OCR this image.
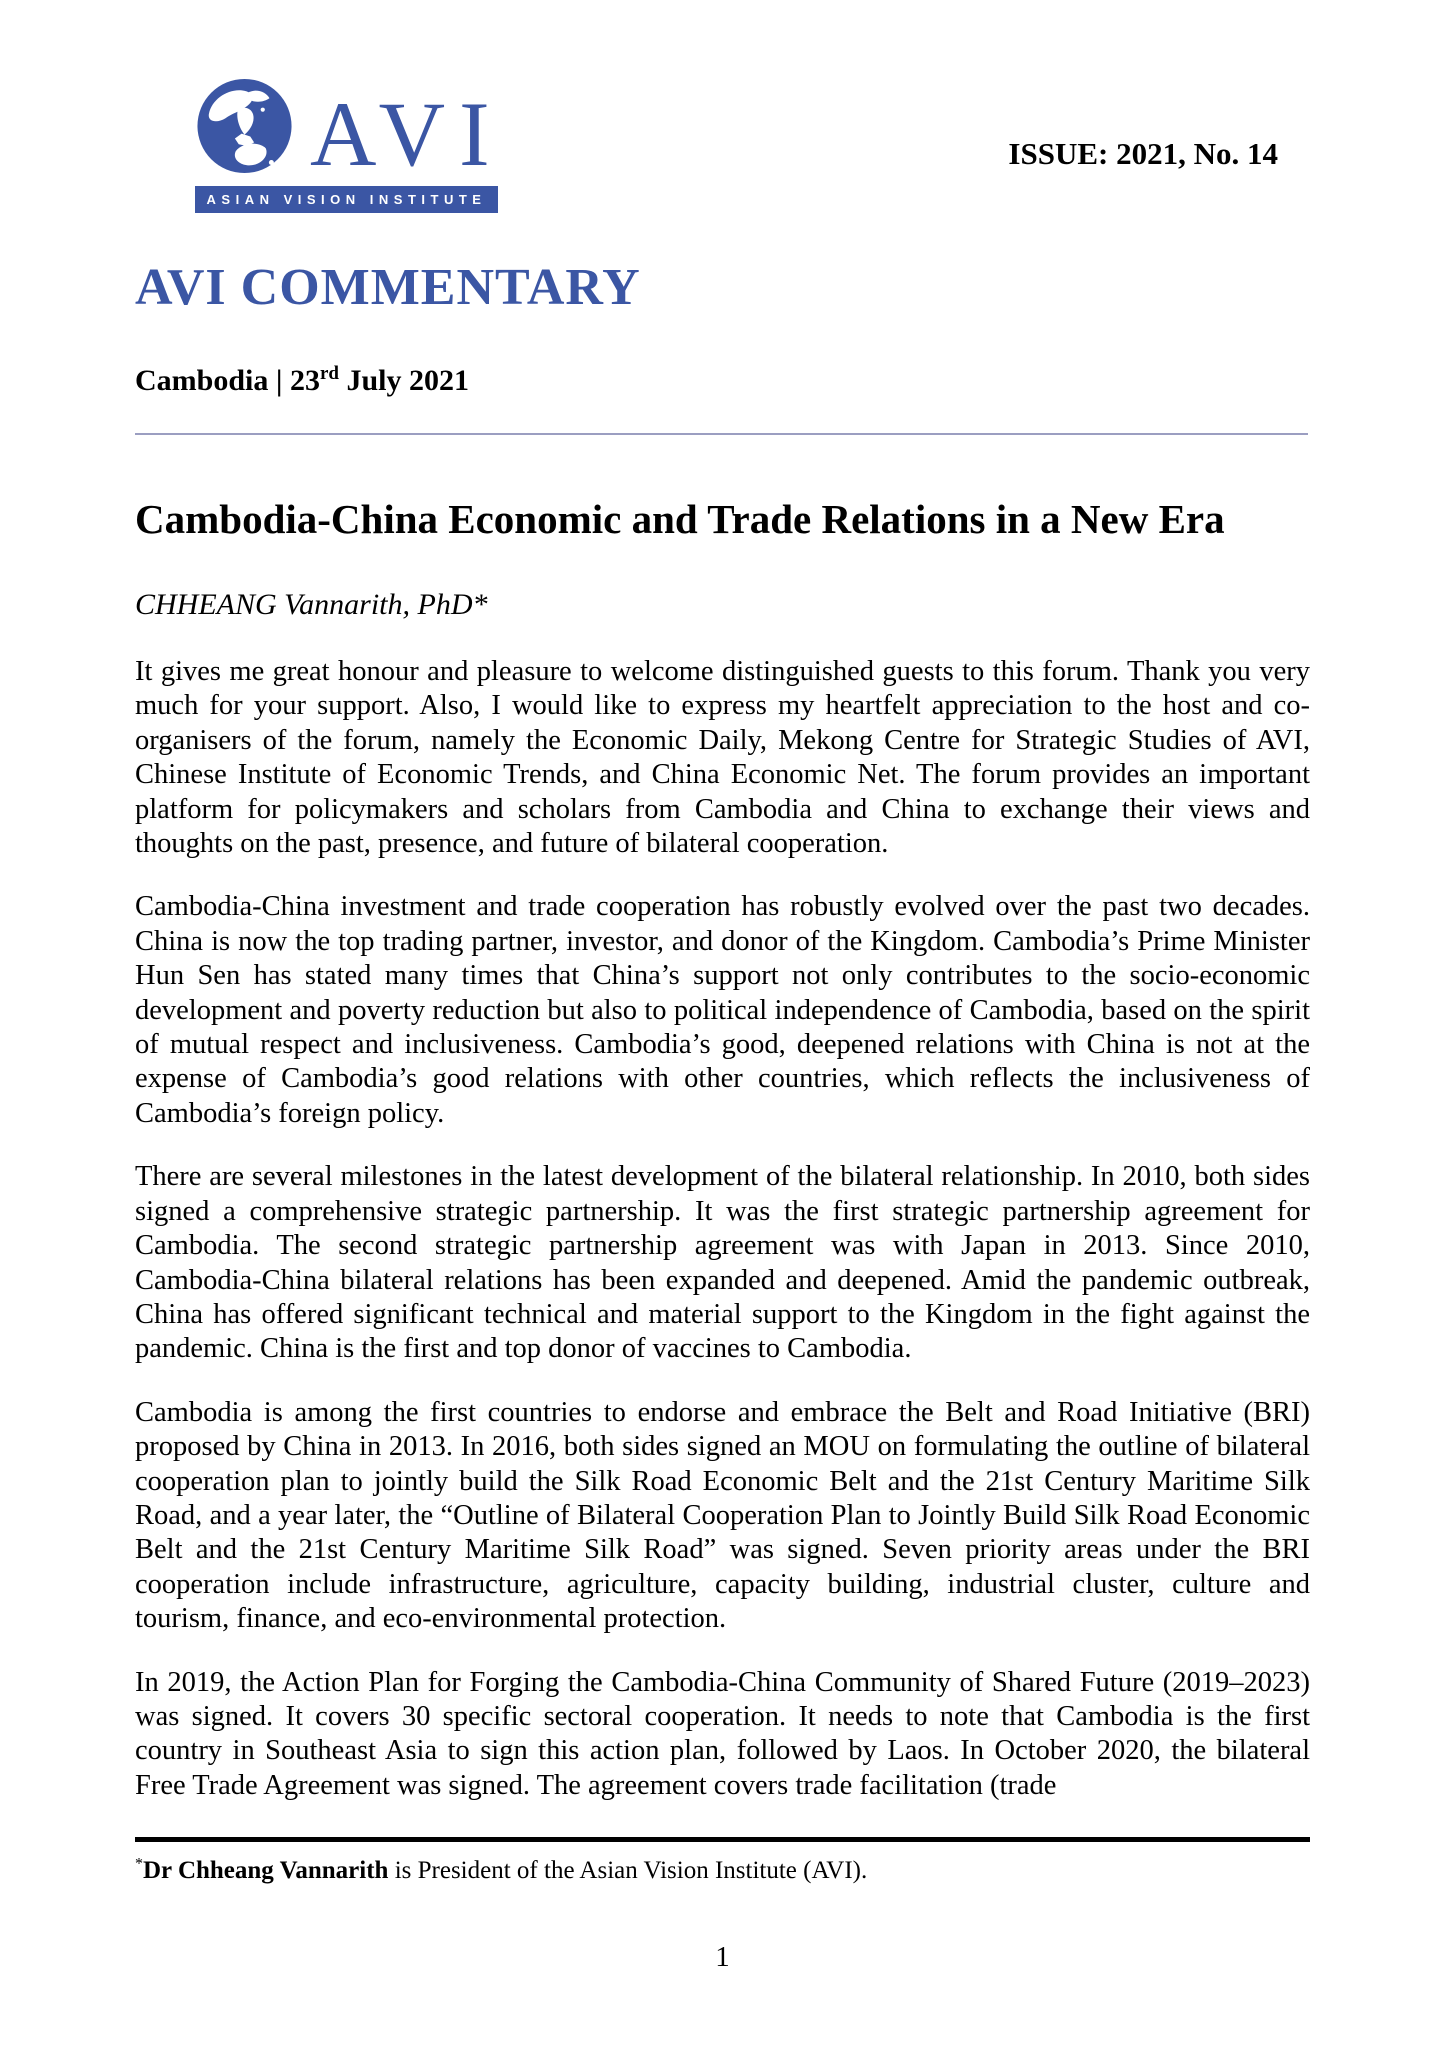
AVI
ASIAN VISION INSTITUTE
ISSUE: 2021, No. 14
AVI COMMENTARY
Cambodia | 23rd July 2021
Cambodia-China Economic and Trade Relations in a New Era
CHHEANG Vannarith, PhD*

It gives me great honour and pleasure to welcome distinguished guests to this forum. Thank you very much for your support. Also, I would like to express my heartfelt appreciation to the host and co-organisers of the forum, namely the Economic Daily, Mekong Centre for Strategic Studies of AVI, Chinese Institute of Economic Trends, and China Economic Net. The forum provides an important platform for policymakers and scholars from Cambodia and China to exchange their views and thoughts on the past, presence, and future of bilateral cooperation.

Cambodia-China investment and trade cooperation has robustly evolved over the past two decades. China is now the top trading partner, investor, and donor of the Kingdom. Cambodia’s Prime Minister Hun Sen has stated many times that China’s support not only contributes to the socio-economic development and poverty reduction but also to political independence of Cambodia, based on the spirit of mutual respect and inclusiveness. Cambodia’s good, deepened relations with China is not at the expense of Cambodia’s good relations with other countries, which reflects the inclusiveness of Cambodia’s foreign policy.

There are several milestones in the latest development of the bilateral relationship. In 2010, both sides signed a comprehensive strategic partnership. It was the first strategic partnership agreement for Cambodia. The second strategic partnership agreement was with Japan in 2013. Since 2010, Cambodia-China bilateral relations has been expanded and deepened. Amid the pandemic outbreak, China has offered significant technical and material support to the Kingdom in the fight against the pandemic. China is the first and top donor of vaccines to Cambodia.

Cambodia is among the first countries to endorse and embrace the Belt and Road Initiative (BRI) proposed by China in 2013. In 2016, both sides signed an MOU on formulating the outline of bilateral cooperation plan to jointly build the Silk Road Economic Belt and the 21st Century Maritime Silk Road, and a year later, the “Outline of Bilateral Cooperation Plan to Jointly Build Silk Road Economic Belt and the 21st Century Maritime Silk Road” was signed. Seven priority areas under the BRI cooperation include infrastructure, agriculture, capacity building, industrial cluster, culture and tourism, finance, and eco-environmental protection.

In 2019, the Action Plan for Forging the Cambodia-China Community of Shared Future (2019–2023) was signed. It covers 30 specific sectoral cooperation. It needs to note that Cambodia is the first country in Southeast Asia to sign this action plan, followed by Laos. In October 2020, the bilateral Free Trade Agreement was signed. The agreement covers trade facilitation (trade

*Dr Chheang Vannarith is President of the Asian Vision Institute (AVI).
1
